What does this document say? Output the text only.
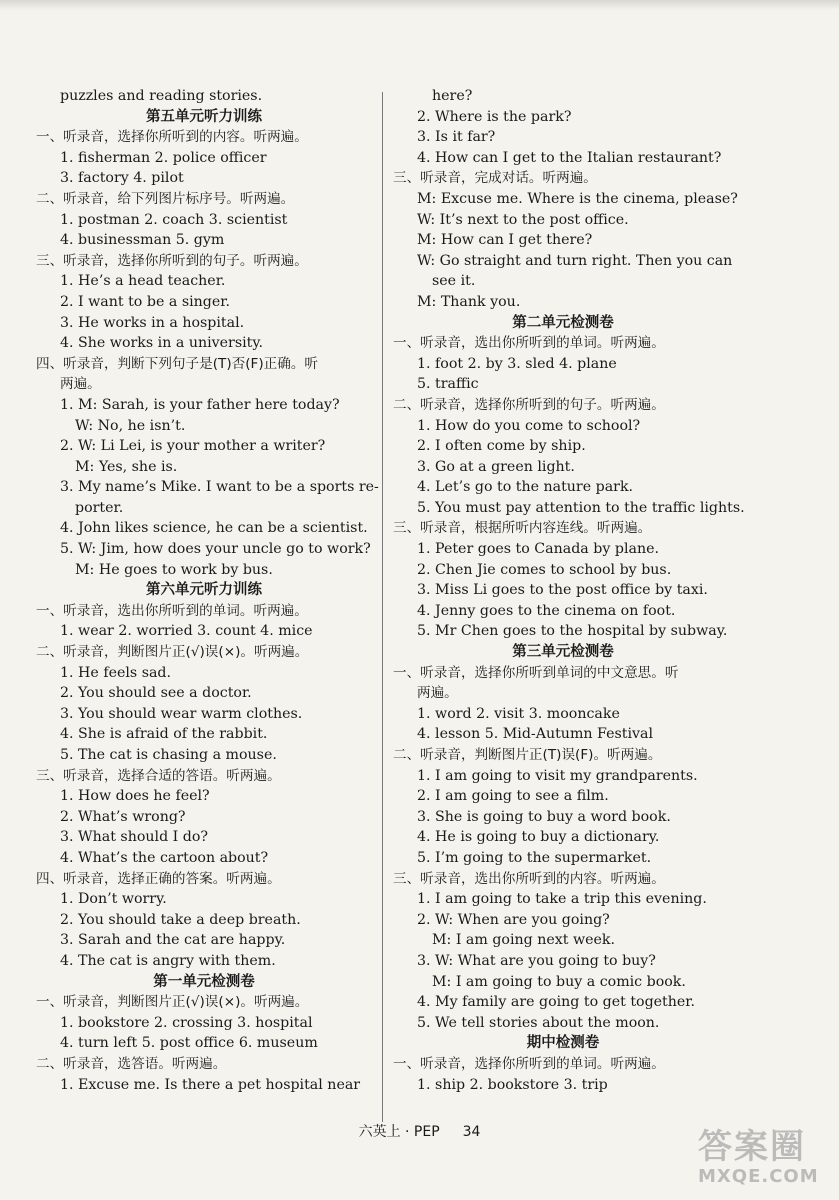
puzzles and reading stories.
第五单元听力训练
一、听录音，选择你所听到的内容。听两遍。
1. fisherman 2. police officer
3. factory 4. pilot
二、听录音，给下列图片标序号。听两遍。
1. postman 2. coach 3. scientist
4. businessman 5. gym
三、听录音，选择你所听到的句子。听两遍。
1. He’s a head teacher.
2. I want to be a singer.
3. He works in a hospital.
4. She works in a university.
四、听录音，判断下列句子是(T)否(F)正确。听
两遍。
1. M: Sarah, is your father here today?
W: No, he isn’t.
2. W: Li Lei, is your mother a writer?
M: Yes, she is.
3. My name’s Mike. I want to be a sports re-
porter.
4. John likes science, he can be a scientist.
5. W: Jim, how does your uncle go to work?
M: He goes to work by bus.
第六单元听力训练
一、听录音，选出你所听到的单词。听两遍。
1. wear 2. worried 3. count 4. mice
二、听录音，判断图片正(√)误(×)。听两遍。
1. He feels sad.
2. You should see a doctor.
3. You should wear warm clothes.
4. She is afraid of the rabbit.
5. The cat is chasing a mouse.
三、听录音，选择合适的答语。听两遍。
1. How does he feel?
2. What’s wrong?
3. What should I do?
4. What’s the cartoon about?
四、听录音，选择正确的答案。听两遍。
1. Don’t worry.
2. You should take a deep breath.
3. Sarah and the cat are happy.
4. The cat is angry with them.
第一单元检测卷
一、听录音，判断图片正(√)误(×)。听两遍。
1. bookstore 2. crossing 3. hospital
4. turn left 5. post office 6. museum
二、听录音，选答语。听两遍。
1. Excuse me. Is there a pet hospital near
here?
2. Where is the park?
3. Is it far?
4. How can I get to the Italian restaurant?
三、听录音，完成对话。听两遍。
M: Excuse me. Where is the cinema, please?
W: It’s next to the post office.
M: How can I get there?
W: Go straight and turn right. Then you can
see it.
M: Thank you.
第二单元检测卷
一、听录音，选出你所听到的单词。听两遍。
1. foot 2. by 3. sled 4. plane
5. traffic
二、听录音，选择你所听到的句子。听两遍。
1. How do you come to school?
2. I often come by ship.
3. Go at a green light.
4. Let’s go to the nature park.
5. You must pay attention to the traffic lights.
三、听录音，根据所听内容连线。听两遍。
1. Peter goes to Canada by plane.
2. Chen Jie comes to school by bus.
3. Miss Li goes to the post office by taxi.
4. Jenny goes to the cinema on foot.
5. Mr Chen goes to the hospital by subway.
第三单元检测卷
一、听录音，选择你所听到单词的中文意思。听
两遍。
1. word 2. visit 3. mooncake
4. lesson 5. Mid-Autumn Festival
二、听录音，判断图片正(T)误(F)。听两遍。
1. I am going to visit my grandparents.
2. I am going to see a film.
3. She is going to buy a word book.
4. He is going to buy a dictionary.
5. I’m going to the supermarket.
三、听录音，选出你所听到的内容。听两遍。
1. I am going to take a trip this evening.
2. W: When are you going?
M: I am going next week.
3. W: What are you going to buy?
M: I am going to buy a comic book.
4. My family are going to get together.
5. We tell stories about the moon.
期中检测卷
一、听录音，选择你所听到的单词。听两遍。
1. ship 2. bookstore 3. trip
六英上 · PEP 34	答案圈
MXQE.COM
